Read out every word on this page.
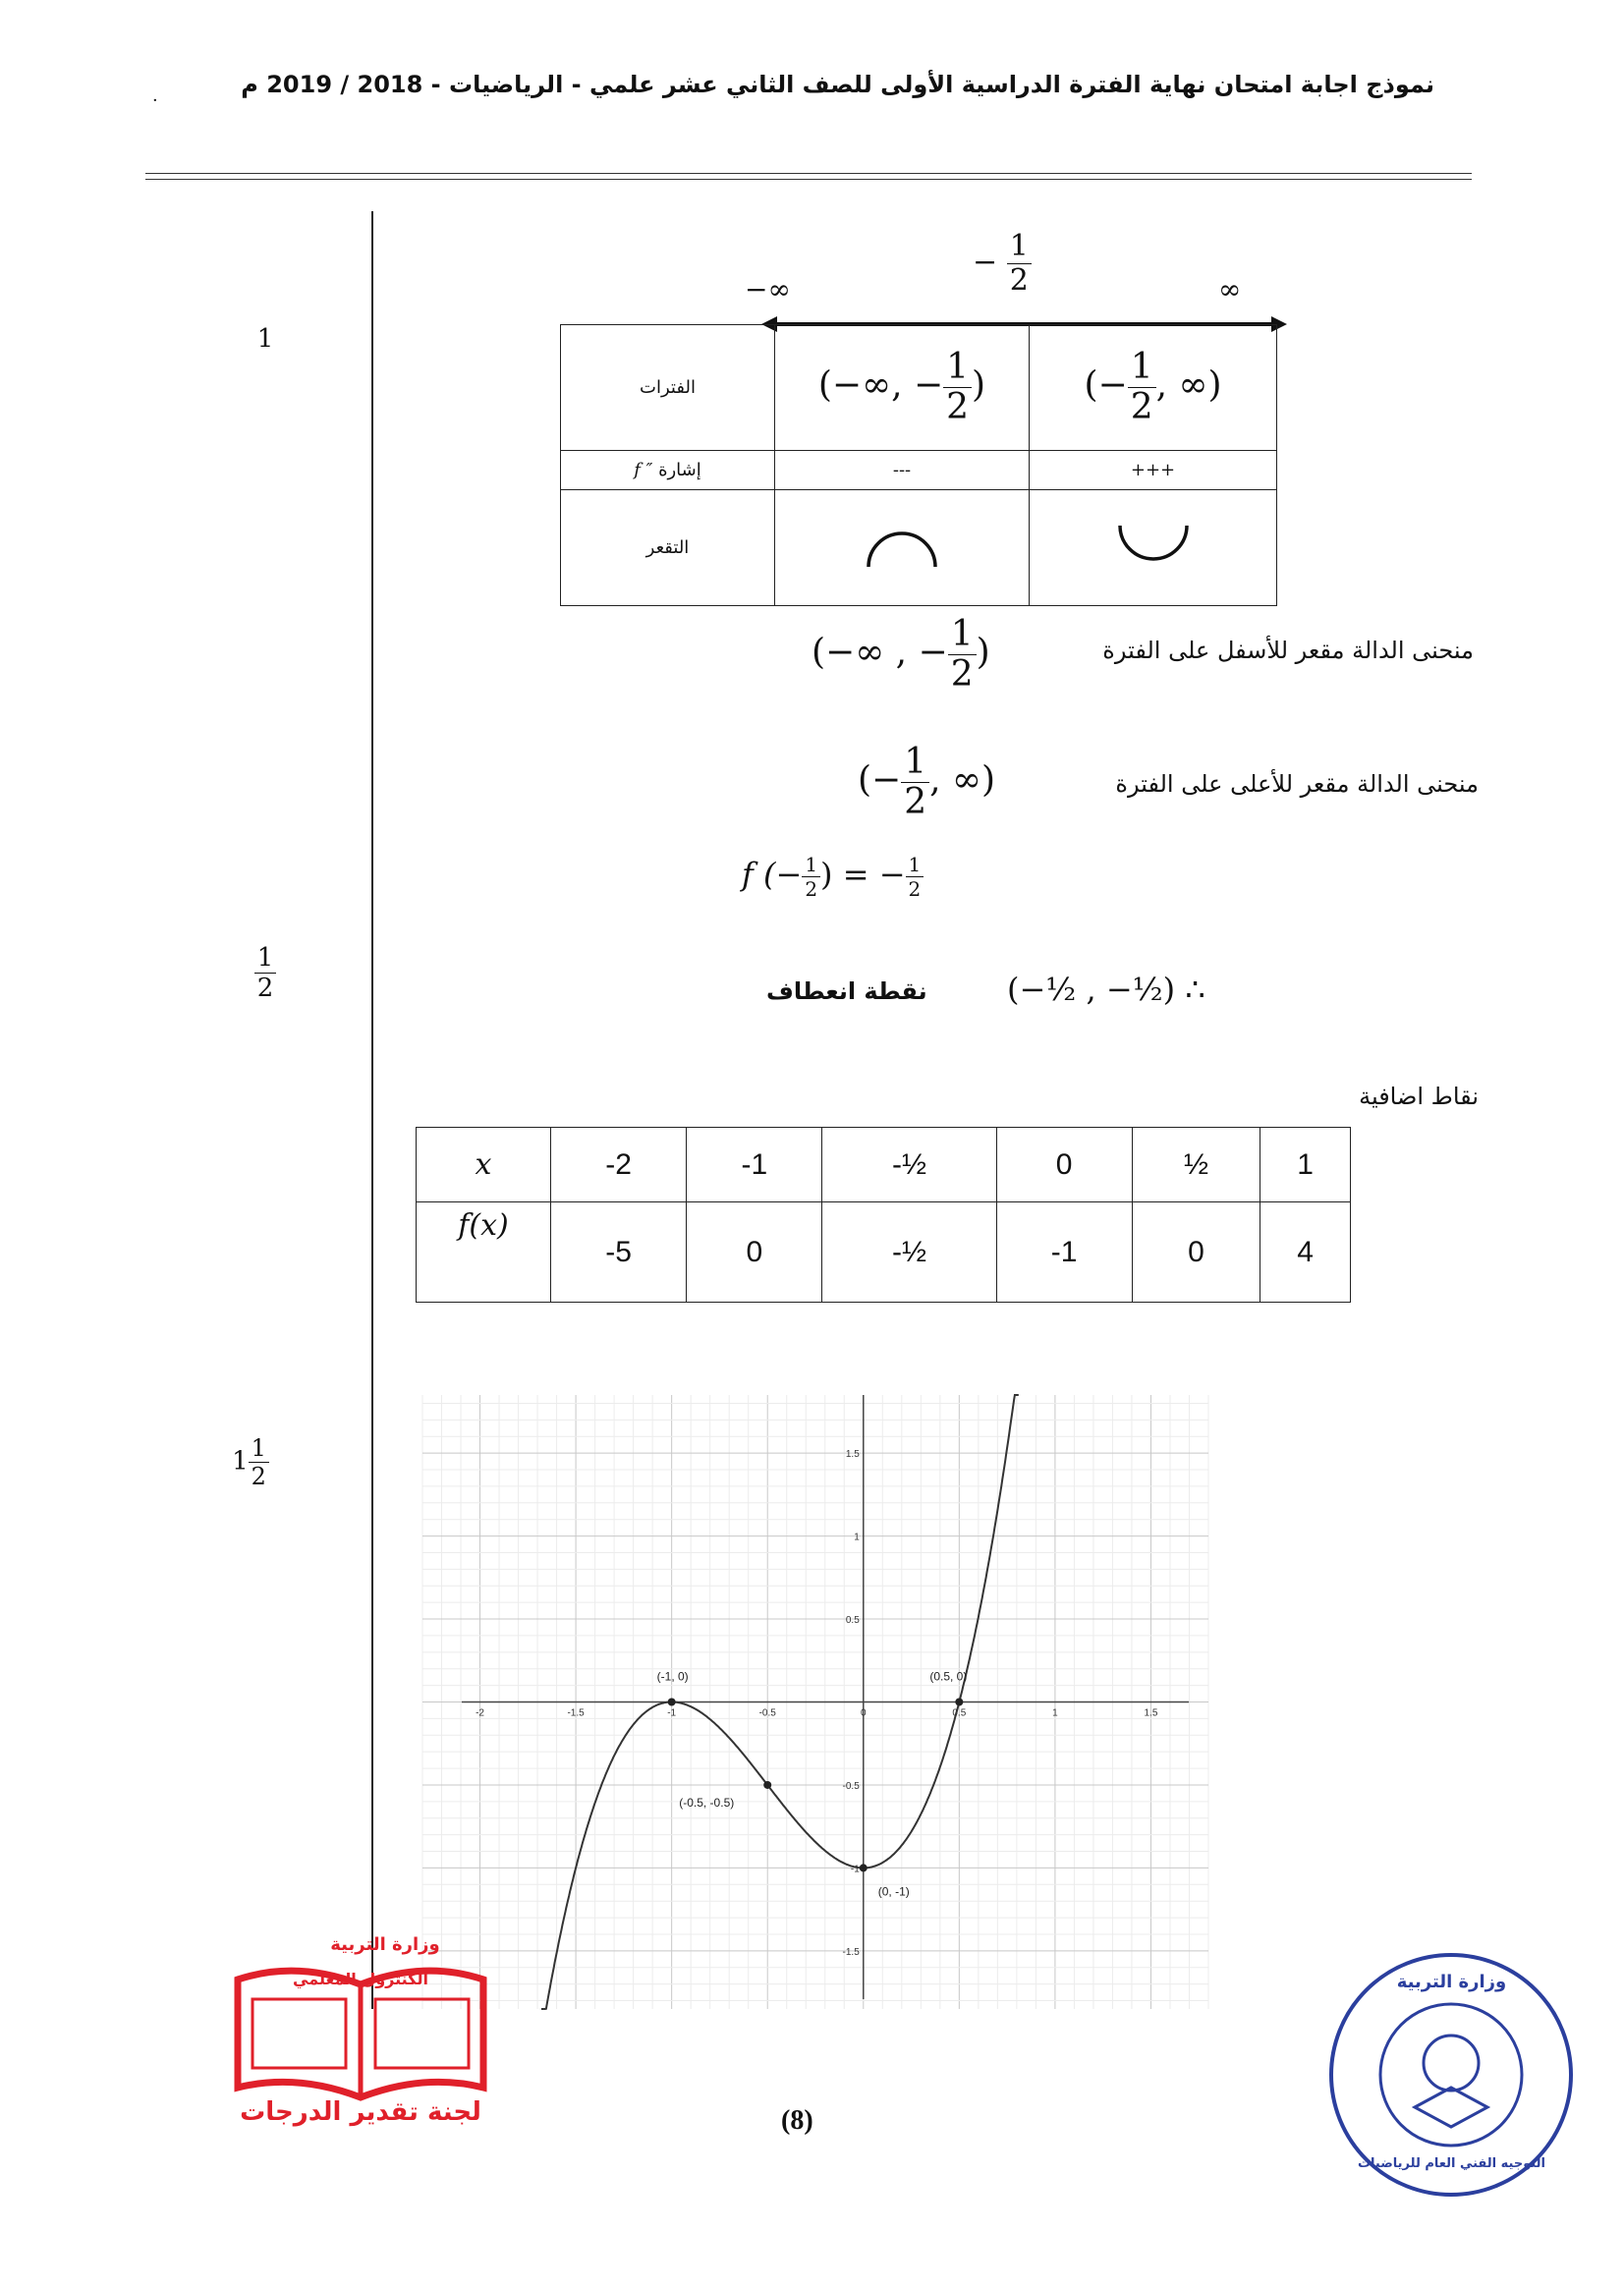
نموذج اجابة امتحان نهاية الفترة الدراسية الأولى للصف الثاني عشر علمي - الرياضيات - 2018 / 2019 م
·
1
$\frac{1}{2}$
$1 \frac{1}{2}$
−∞
− $\frac{1}{2}$	∞
الفترات	(−∞, − $\frac{1}{2}$ )	(− $\frac{1}{2}$ , ∞)
إشارة f ″	---	+++
التقعر		
منحنى الدالة مقعر للأسفل على الفترة
(−∞ , − $\frac{1}{2}$ )
منحنى الدالة مقعر للأعلى على الفترة
(− $\frac{1}{2}$ , ∞)
f (− $\frac{1}{2}$ ) = − $\frac{1}{2}$
نقطة انعطاف	(−½ , −½) ∴
نقاط اضافية
x	-2	-1	-½	0	½	1
f(x)	-5	0	-½	-1	0	4
-2	-1.5	-1	-0.5	0	0.5	1	1.5
1.5
1
0.5
-0.5
-1
-1.5
(-1, 0)	(0.5, 0)
(-0.5, -0.5)
(0, -1)
وزارة التربية
الكنترول المعلمي
لجنة تقدير الدرجات	(8)
وزارة التربية
التوجيه الفني العام للرياضيات
